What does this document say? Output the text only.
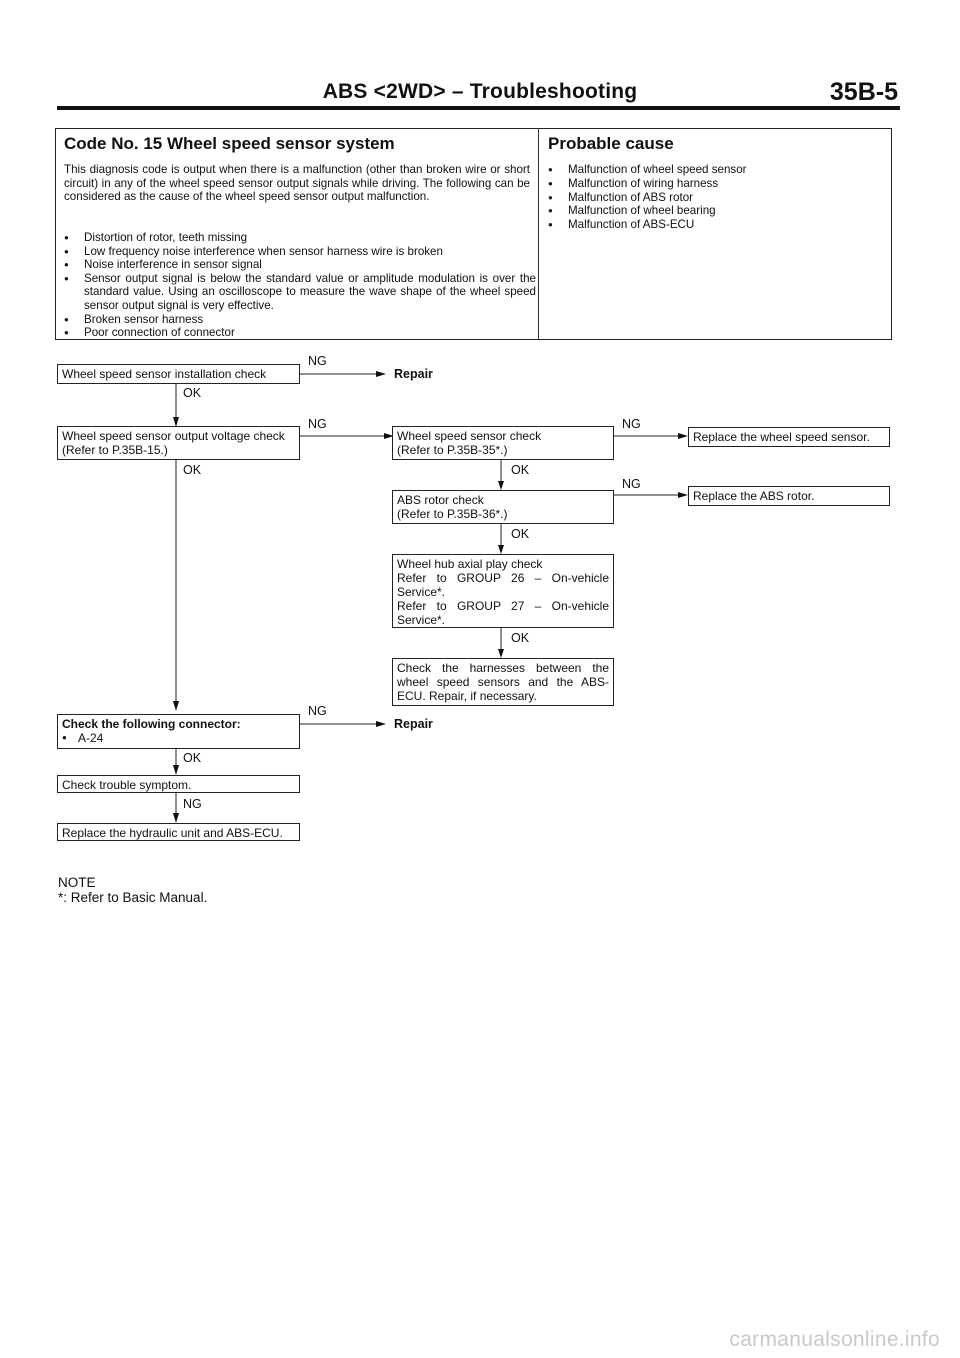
ABS <2WD> – Troubleshooting	35B-5
Code No. 15 Wheel speed sensor system	Probable cause
This diagnosis code is output when there is a malfunction (other than broken wire or short circuit) in any of the wheel speed sensor output signals while driving. The following can be considered as the cause of the wheel speed sensor output malfunction.
● Distortion of rotor, teeth missing
● Low frequency noise interference when sensor harness wire is broken
● Noise interference in sensor signal
● Sensor output signal is below the standard value or amplitude modulation is over the standard value. Using an oscilloscope to measure the wave shape of the wheel speed sensor output signal is very effective.
● Broken sensor harness
● Poor connection of connector
● Malfunction of wheel speed sensor
● Malfunction of wiring harness
● Malfunction of ABS rotor
● Malfunction of wheel bearing
● Malfunction of ABS-ECU
Wheel speed sensor installation check
Wheel speed sensor output voltage check
(Refer to P.35B-15.)
Wheel speed sensor check
(Refer to P.35B-35*.)
Replace the wheel speed sensor.
ABS rotor check
(Refer to P.35B-36*.)
Replace the ABS rotor.
Wheel hub axial play check
Refer to GROUP 26 – On-vehicle Service*.
Refer to GROUP 27 – On-vehicle Service*.
Check the harnesses between the wheel speed sensors and the ABS-ECU. Repair, if necessary.
Check the following connector:
● A-24
Check trouble symptom.
Replace the hydraulic unit and ABS-ECU.
Repair
Repair
NG
OK
NG
OK
NG
OK
NG
OK
OK
NG
OK
NG
NOTE
*: Refer to Basic Manual.
carmanualsonline.info
